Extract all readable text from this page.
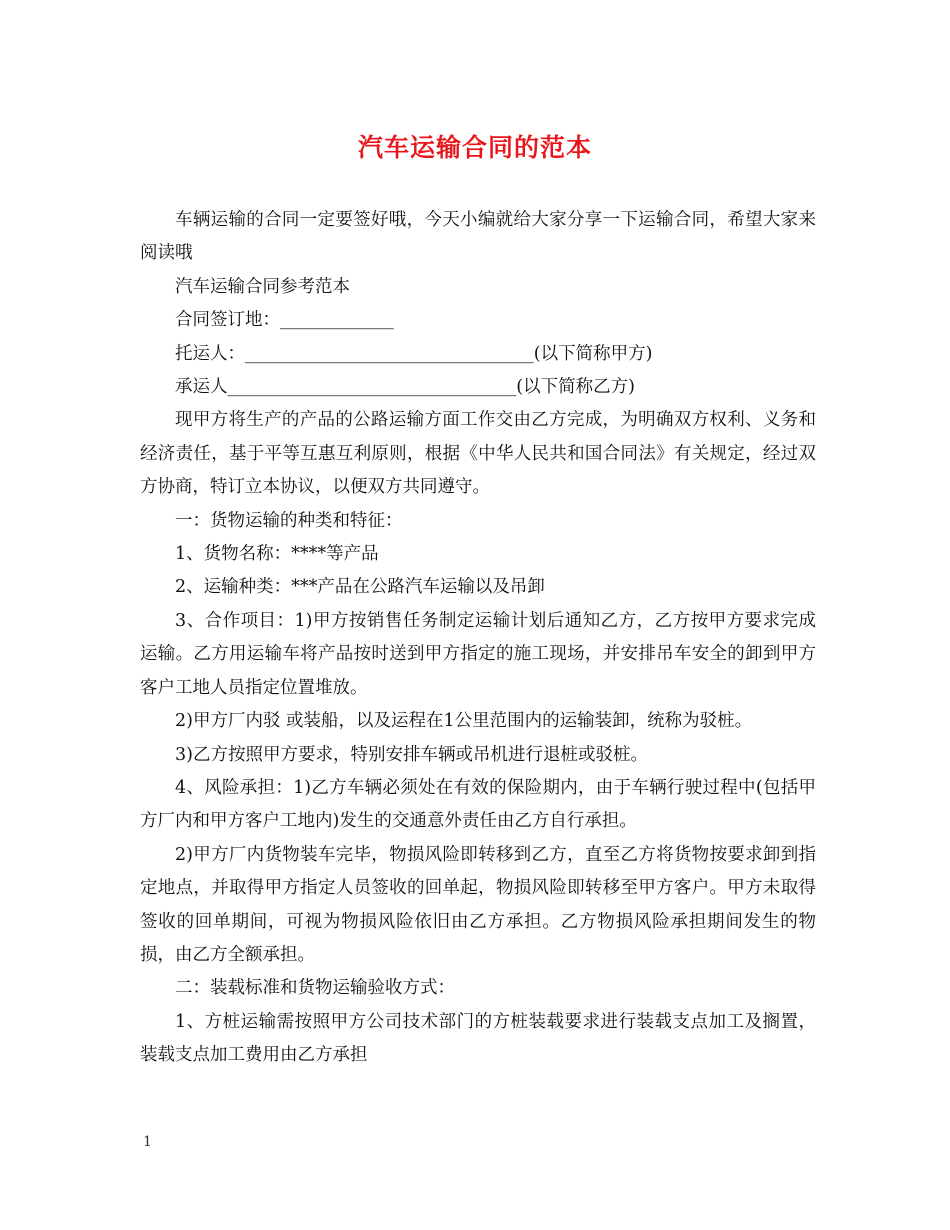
汽车运输合同的范本

车辆运输的合同一定要签好哦，今天小编就给大家分享一下运输合同，希望大家来阅读哦

汽车运输合同参考范本

合同签订地：_____________

托运人：_________________________________(以下简称甲方)

承运人_________________________________(以下简称乙方)

现甲方将生产的产品的公路运输方面工作交由乙方完成，为明确双方权利、义务和经济责任，基于平等互惠互利原则，根据《中华人民共和国合同法》有关规定，经过双方协商，特订立本协议，以便双方共同遵守。

一：货物运输的种类和特征：

1、货物名称：****等产品

2、运输种类：***产品在公路汽车运输以及吊卸

3、合作项目：1)甲方按销售任务制定运输计划后通知乙方，乙方按甲方要求完成运输。乙方用运输车将产品按时送到甲方指定的施工现场，并安排吊车安全的卸到甲方客户工地人员指定位置堆放。

2)甲方厂内驳 或装船，以及运程在1公里范围内的运输装卸，统称为驳桩。

3)乙方按照甲方要求，特别安排车辆或吊机进行退桩或驳桩。

4、风险承担：1)乙方车辆必须处在有效的保险期内，由于车辆行驶过程中(包括甲方厂内和甲方客户工地内)发生的交通意外责任由乙方自行承担。

2)甲方厂内货物装车完毕，物损风险即转移到乙方，直至乙方将货物按要求卸到指定地点，并取得甲方指定人员签收的回单起，物损风险即转移至甲方客户。甲方未取得签收的回单期间，可视为物损风险依旧由乙方承担。乙方物损风险承担期间发生的物损，由乙方全额承担。

二：装载标准和货物运输验收方式：

1、方桩运输需按照甲方公司技术部门的方桩装载要求进行装载支点加工及搁置，装载支点加工费用由乙方承担

1
